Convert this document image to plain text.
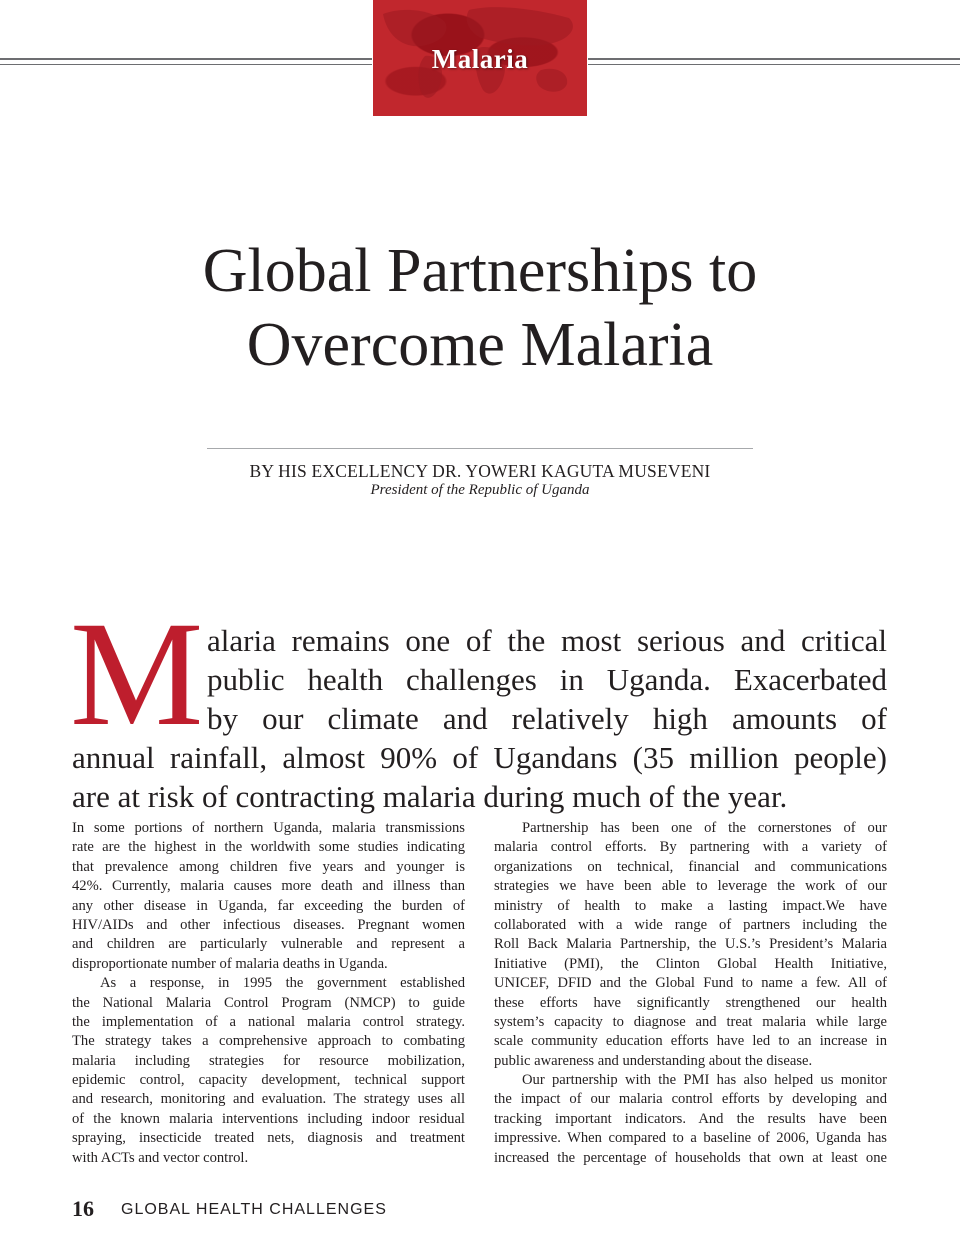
Malaria
Global Partnerships to
Overcome Malaria
BY HIS EXCELLENCY DR. YOWERI KAGUTA MUSEVENI
President of the Republic of Uganda
M alaria remains one of the most serious and critical
public health challenges in Uganda. Exacerbated
by our climate and relatively high amounts of
annual rainfall, almost 90% of Ugandans (35 million people)
are at risk of contracting malaria during much of the year.
In some portions of northern Uganda, malaria transmissions
rate are the highest in the worldwith some studies indicating
that prevalence among children five years and younger is
42%. Currently, malaria causes more death and illness than
any other disease in Uganda, far exceeding the burden of
HIV/AIDs and other infectious diseases. Pregnant women
and children are particularly vulnerable and represent a
disproportionate number of malaria deaths in Uganda.
As a response, in 1995 the government established
the National Malaria Control Program (NMCP) to guide
the implementation of a national malaria control strategy.
The strategy takes a comprehensive approach to combating
malaria including strategies for resource mobilization,
epidemic control, capacity development, technical support
and research, monitoring and evaluation. The strategy uses all
of the known malaria interventions including indoor residual
spraying, insecticide treated nets, diagnosis and treatment
with ACTs and vector control.
Partnership has been one of the cornerstones of our
malaria control efforts. By partnering with a variety of
organizations on technical, financial and communications
strategies we have been able to leverage the work of our
ministry of health to make a lasting impact.We have
collaborated with a wide range of partners including the
Roll Back Malaria Partnership, the U.S.’s President’s Malaria
Initiative (PMI), the Clinton Global Health Initiative,
UNICEF, DFID and the Global Fund to name a few. All of
these efforts have significantly strengthened our health
system’s capacity to diagnose and treat malaria while large
scale community education efforts have led to an increase in
public awareness and understanding about the disease.
Our partnership with the PMI has also helped us monitor
the impact of our malaria control efforts by developing and
tracking important indicators. And the results have been
impressive. When compared to a baseline of 2006, Uganda has
increased the percentage of households that own at least one
16 GLOBAL HEALTH CHALLENGES
